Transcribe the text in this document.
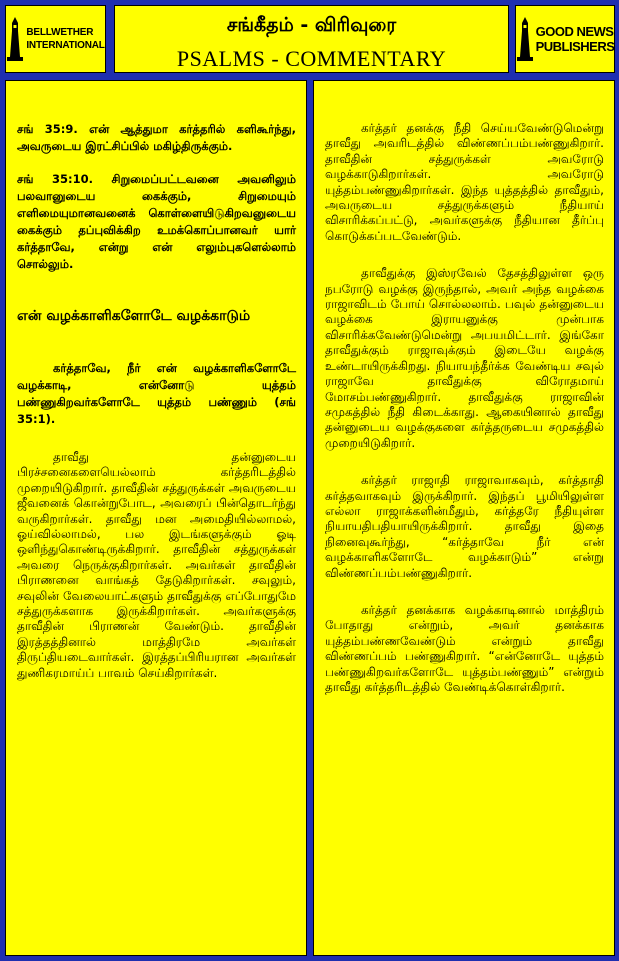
BELLWETHER
INTERNATIONAL
சங்கீதம் - விரிவுரை
PSALMS - COMMENTARY
GOOD NEWS
PUBLISHERS

சங் 35:9. என் ஆத்துமா கர்த்தரில் களிகூர்ந்து, அவருடைய இரட்சிப்பில் மகிழ்திருக்கும்.

சங் 35:10. சிறுமைப்பட்டவனை அவனிலும் பலவானுடைய கைக்கும், சிறுமையும் எளிமையுமானவனைக் கொள்ளையிடுகிறவனுடைய கைக்கும் தப்புவிக்கிற உமக்கொப்பானவர் யார் கர்த்தாவே, என்று என் எலும்புகளெல்லாம் சொல்லும்.

என் வழக்காளிகளோடே வழக்காடும்

கர்த்தாவே, நீர் என் வழக்காளிகளோடே வழக்காடி, என்னோடு யுத்தம் பண்ணுகிறவர்களோடே யுத்தம் பண்ணும் (சங் 35:1).

தாவீது தன்னுடைய பிரச்சனைகளையெல்லாம் கர்த்தரிடத்தில் முறையிடுகிறார். தாவீதின் சத்துருக்கள் அவருடைய ஜீவனைக் கொன்றுபோட, அவரைப் பின்தொடர்ந்து வருகிறார்கள். தாவீது மன அமைதியில்லாமல், ஓய்வில்லாமல், பல இடங்களுக்கும் ஓடி ஒளிந்துகொண்டிருக்கிறார். தாவீதின் சத்துருக்கள் அவரை நெருக்குகிறார்கள். அவர்கள் தாவீதின் பிராணனை வாங்கத் தேடுகிறார்கள். சவுலும், சவுலின் வேலையாட்களும் தாவீதுக்கு எப்போதுமே சத்துருக்களாக இருக்கிறார்கள். அவர்களுக்கு தாவீதின் பிராணன் வேண்டும். தாவீதின் இரத்தத்தினால் மாத்திரமே அவர்கள் திருப்தியடைவார்கள். இரத்தப்பிரியரான அவர்கள் துணிகரமாய்ப் பாவம் செய்கிறார்கள்.

கர்த்தர் தனக்கு நீதி செய்யவேண்டுமென்று தாவீது அவரிடத்தில் விண்ணப்பம்பண்ணுகிறார். தாவீதின் சத்துருக்கள் அவரோடு வழக்காடுகிறார்கள். அவரோடு யுத்தம்பண்ணுகிறார்கள். இந்த யுத்தத்தில் தாவீதும், அவருடைய சத்துருக்களும் நீதியாய் விசாரிக்கப்பட்டு, அவர்களுக்கு நீதியான தீர்ப்பு கொடுக்கப்படவேண்டும்.

தாவீதுக்கு இஸ்ரவேல் தேசத்திலுள்ள ஒரு நபரோடு வழக்கு இருந்தால், அவர் அந்த வழக்கை ராஜாவிடம் போய் சொல்லலாம். பவுல் தன்னுடைய வழக்கை இராயனுக்கு முன்பாக விசாரிக்கவேண்டுமென்று அபயமிட்டார். இங்கோ தாவீதுக்கும் ராஜாவுக்கும் இடையே வழக்கு உண்டாயிருக்கிறது. நியாயந்தீர்க்க வேண்டிய சவுல் ராஜாவே தாவீதுக்கு விரோதமாய் மோசம்பண்ணுகிறார். தாவீதுக்கு ராஜாவின் சமுகத்தில் நீதி கிடைக்காது. ஆகையினால் தாவீது தன்னுடைய வழக்குகளை கர்த்தருடைய சமுகத்தில் முறையிடுகிறார்.

கர்த்தர் ராஜாதி ராஜாவாகவும், கர்த்தாதி கர்த்தவாகவும் இருக்கிறார். இந்தப் பூமியிலுள்ள எல்லா ராஜாக்களின்மீதும், கர்த்தரே நீதியுள்ள நியாயதிபதியாயிருக்கிறார். தாவீது இதை நினைவுகூர்ந்து, “கர்த்தாவே நீர் என் வழக்காளிகளோடே வழக்காடும்” என்று விண்ணப்பம்பண்ணுகிறார்.

கர்த்தர் தனக்காக வழக்காடினால் மாத்திரம் போதாது என்றும், அவர் தனக்காக யுத்தம்பண்ணவேண்டும் என்றும் தாவீது விண்ணப்பம் பண்ணுகிறார். “என்னோடே யுத்தம் பண்ணுகிறவர்களோடே யுத்தம்பண்ணும்” என்றும் தாவீது கர்த்தரிடத்தில் வேண்டிக்கொள்கிறார்.
